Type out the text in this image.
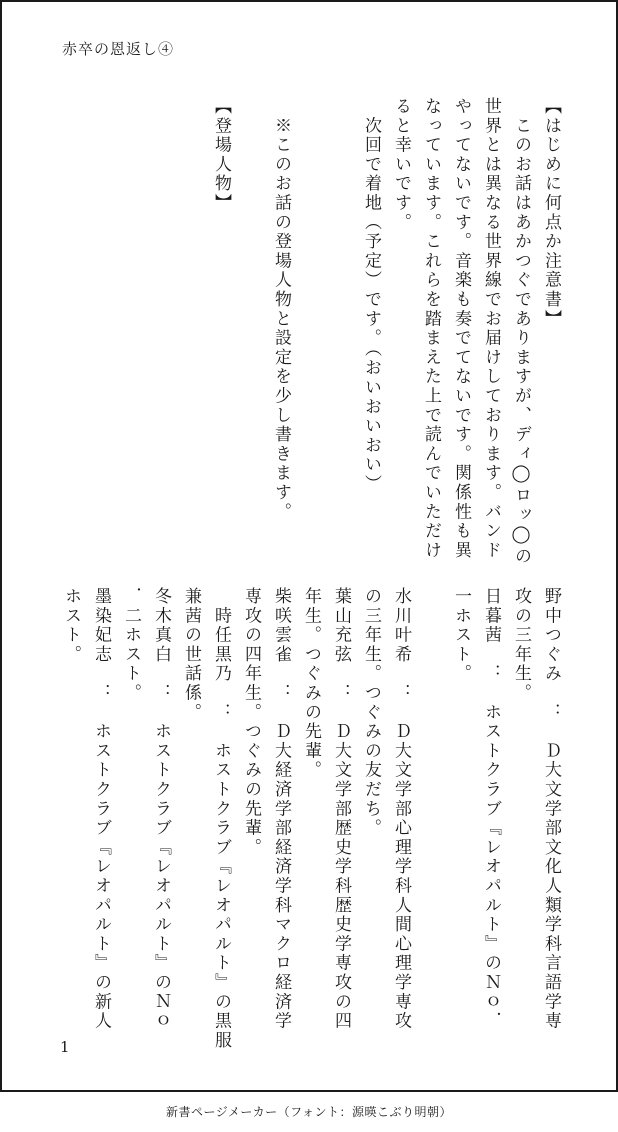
赤卒の恩返し④
【はじめに何点か注意書】
　このお話はあかつぐでありますが、ディ◯ロッ◯の
世界とは異なる世界線でお届けしております。バンド
やってないです。音楽も奏でてないです。関係性も異
なっています。これらを踏まえた上で読んでいただけ
ると幸いです。
　次回で着地（予定）です。（おいおいおい）
　※このお話の登場人物と設定を少し書きます。
【登場人物】
野中つぐみ　：　Ｄ大文学部文化人類学科言語学専
攻の三年生。
日暮茜　：　ホストクラブ『レオパルト』のＮｏ．
一ホスト。
水川叶希　：　Ｄ大文学部心理学科人間心理学専攻
の三年生。つぐみの友だち。
葉山充弦　：　Ｄ大文学部歴史学科歴史学専攻の四
年生。つぐみの先輩。
柴咲雲雀　：　Ｄ大経済学部経済学科マクロ経済学
専攻の四年生。つぐみの先輩。
　時任黒乃　：　ホストクラブ『レオパルト』の黒服
兼茜の世話係。
冬木真白　：　ホストクラブ『レオパルト』のＮｏ
．二ホスト。
墨染妃志　：　ホストクラブ『レオパルト』の新人
ホスト。
1
新書ページメーカー（フォント：源暎こぶり明朝）
